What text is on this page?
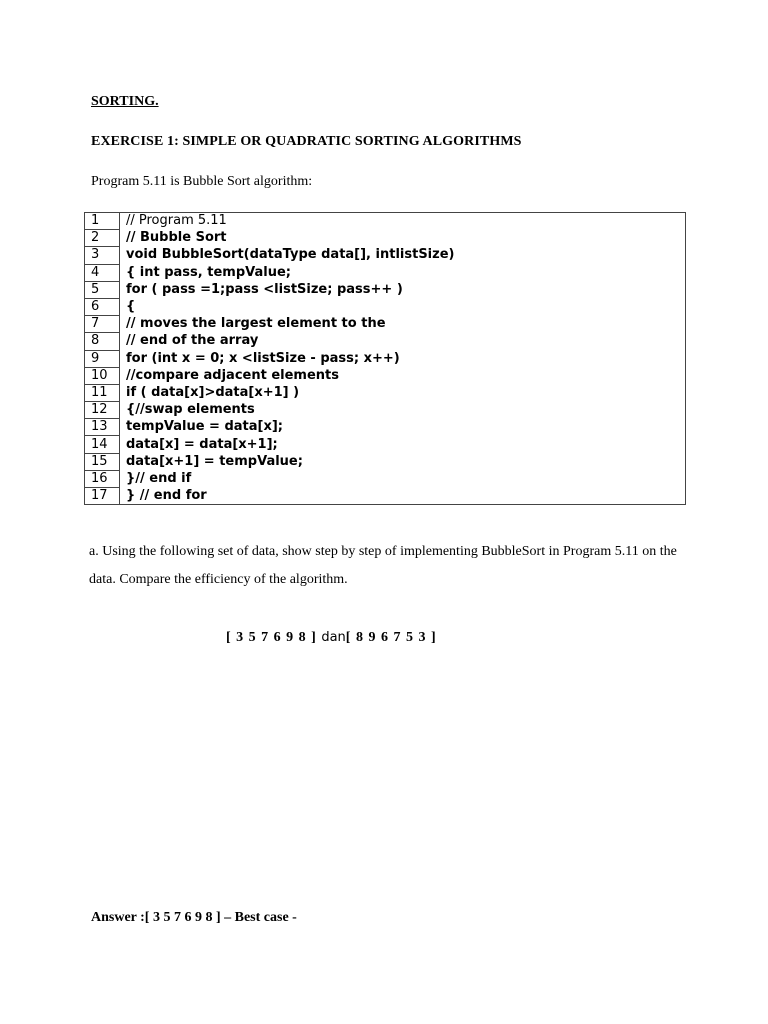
SORTING.
EXERCISE 1: SIMPLE OR QUADRATIC SORTING ALGORITHMS
Program 5.11 is Bubble Sort algorithm:
1	// Program 5.11
2	// Bubble Sort
3	void BubbleSort(dataType data[], intlistSize)
4	{ int pass, tempValue;
5	for ( pass =1;pass <listSize; pass++ )
6	{
7	// moves the largest element to the
8	// end of the array
9	for (int x = 0; x <listSize - pass; x++)
10	//compare adjacent elements
11	if ( data[x]>data[x+1] )
12	{//swap elements
13	tempValue = data[x];
14	data[x] = data[x+1];
15	data[x+1] = tempValue;
16	}// end if
17	} // end for
a. Using the following set of data, show step by step of implementing BubbleSort in Program 5.11 on the data. Compare the efficiency of the algorithm.
[ 3 5 7 6 9 8 ] dan[ 8 9 6 7 5 3 ]
Answer :[ 3 5 7 6 9 8 ] – Best case -
